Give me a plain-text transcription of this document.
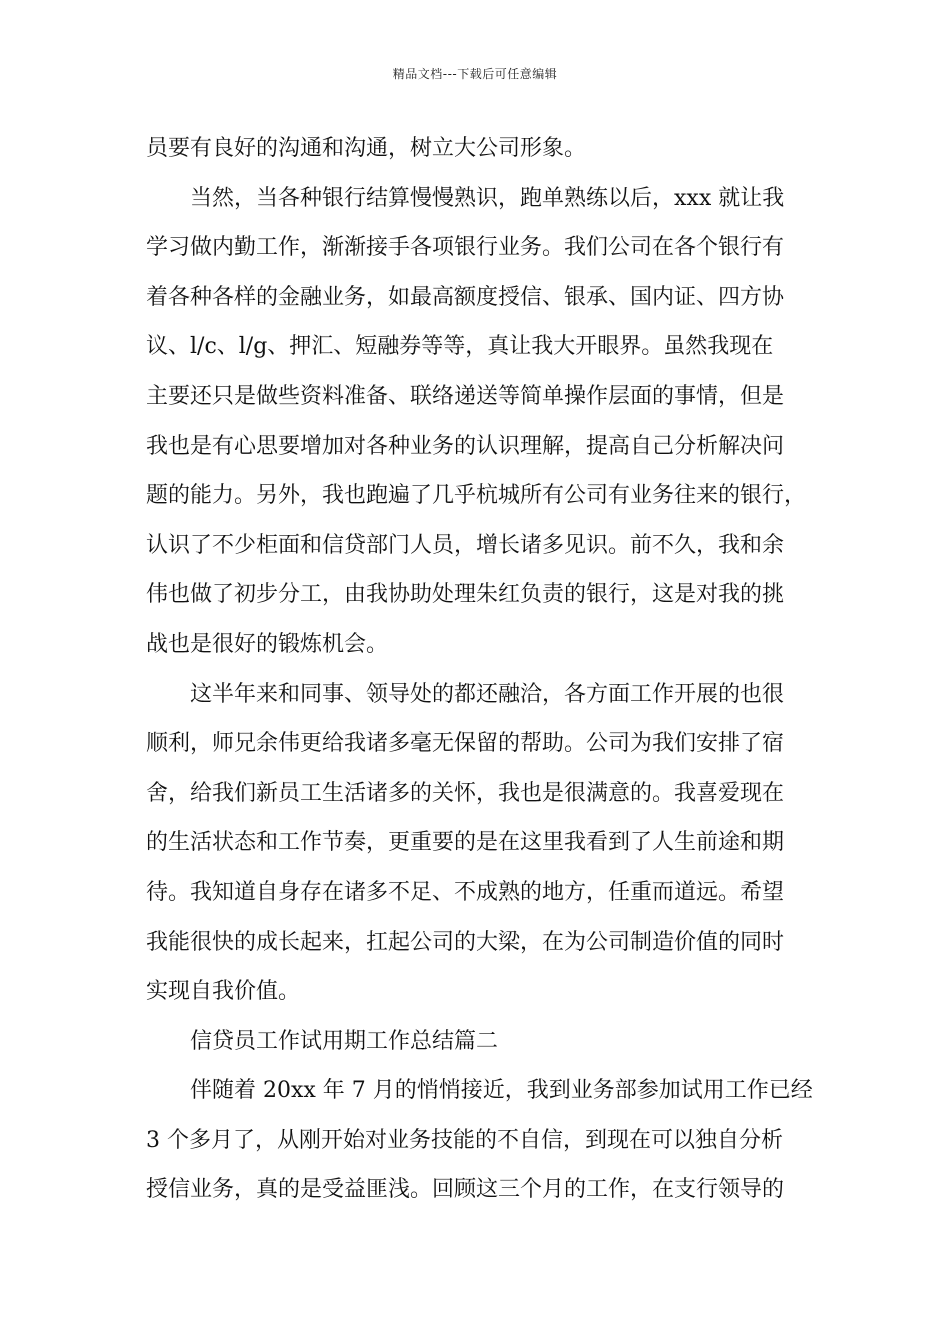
精品文档---下载后可任意编辑
员要有良好的沟通和沟通，树立大公司形象。
当然，当各种银行结算慢慢熟识，跑单熟练以后，xxx 就让我
学习做内勤工作，渐渐接手各项银行业务。我们公司在各个银行有
着各种各样的金融业务，如最高额度授信、银承、国内证、四方协
议、l/c、l/g、押汇、短融券等等，真让我大开眼界。虽然我现在
主要还只是做些资料准备、联络递送等简单操作层面的事情，但是
我也是有心思要增加对各种业务的认识理解，提高自己分析解决问
题的能力。另外，我也跑遍了几乎杭城所有公司有业务往来的银行，
认识了不少柜面和信贷部门人员，增长诸多见识。前不久，我和余
伟也做了初步分工，由我协助处理朱红负责的银行，这是对我的挑
战也是很好的锻炼机会。
这半年来和同事、领导处的都还融洽，各方面工作开展的也很
顺利，师兄余伟更给我诸多毫无保留的帮助。公司为我们安排了宿
舍，给我们新员工生活诸多的关怀，我也是很满意的。我喜爱现在
的生活状态和工作节奏，更重要的是在这里我看到了人生前途和期
待。我知道自身存在诸多不足、不成熟的地方，任重而道远。希望
我能很快的成长起来，扛起公司的大梁，在为公司制造价值的同时
实现自我价值。
信贷员工作试用期工作总结篇二
伴随着 20xx 年 7 月的悄悄接近，我到业务部参加试用工作已经
3 个多月了，从刚开始对业务技能的不自信，到现在可以独自分析
授信业务，真的是受益匪浅。回顾这三个月的工作，在支行领导的
